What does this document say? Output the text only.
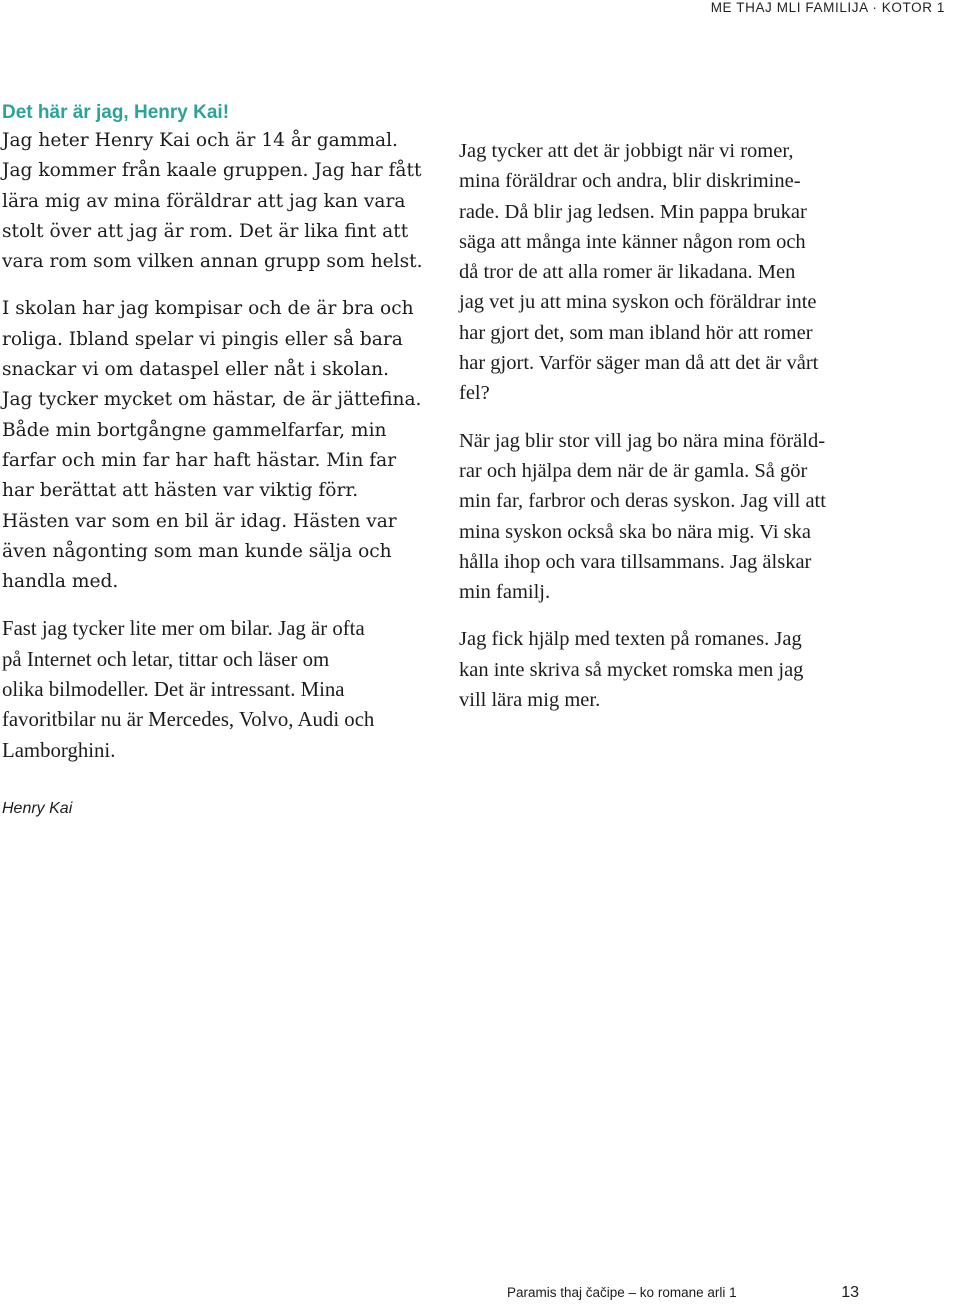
ME THAJ MLI FAMILIJA · KOTOR 1
Det här är jag, Henry Kai!
Jag heter Henry Kai och är 14 år gammal.
Jag kommer från kaale gruppen. Jag har fått
lära mig av mina föräldrar att jag kan vara
stolt över att jag är rom. Det är lika fint att
vara rom som vilken annan grupp som helst.
I skolan har jag kompisar och de är bra och
roliga. Ibland spelar vi pingis eller så bara
snackar vi om dataspel eller nåt i skolan.
Jag tycker mycket om hästar, de är jättefina.
Både min bortgångne gammelfarfar, min
farfar och min far har haft hästar. Min far
har berättat att hästen var viktig förr.
Hästen var som en bil är idag. Hästen var
även någonting som man kunde sälja och
handla med.
Fast jag tycker lite mer om bilar. Jag är ofta
på Internet och letar, tittar och läser om
olika bilmodeller. Det är intressant. Mina
favoritbilar nu är Mercedes, Volvo, Audi och
Lamborghini.
Henry Kai
Jag tycker att det är jobbigt när vi romer,
mina föräldrar och andra, blir diskrimine-
rade. Då blir jag ledsen. Min pappa brukar
säga att många inte känner någon rom och
då tror de att alla romer är likadana. Men
jag vet ju att mina syskon och föräldrar inte
har gjort det, som man ibland hör att romer
har gjort. Varför säger man då att det är vårt
fel?
När jag blir stor vill jag bo nära mina föräld-
rar och hjälpa dem när de är gamla. Så gör
min far, farbror och deras syskon. Jag vill att
mina syskon också ska bo nära mig. Vi ska
hålla ihop och vara tillsammans. Jag älskar
min familj.
Jag fick hjälp med texten på romanes. Jag
kan inte skriva så mycket romska men jag
vill lära mig mer.
Paramis thaj čačipe – ko romane arli 1	13
